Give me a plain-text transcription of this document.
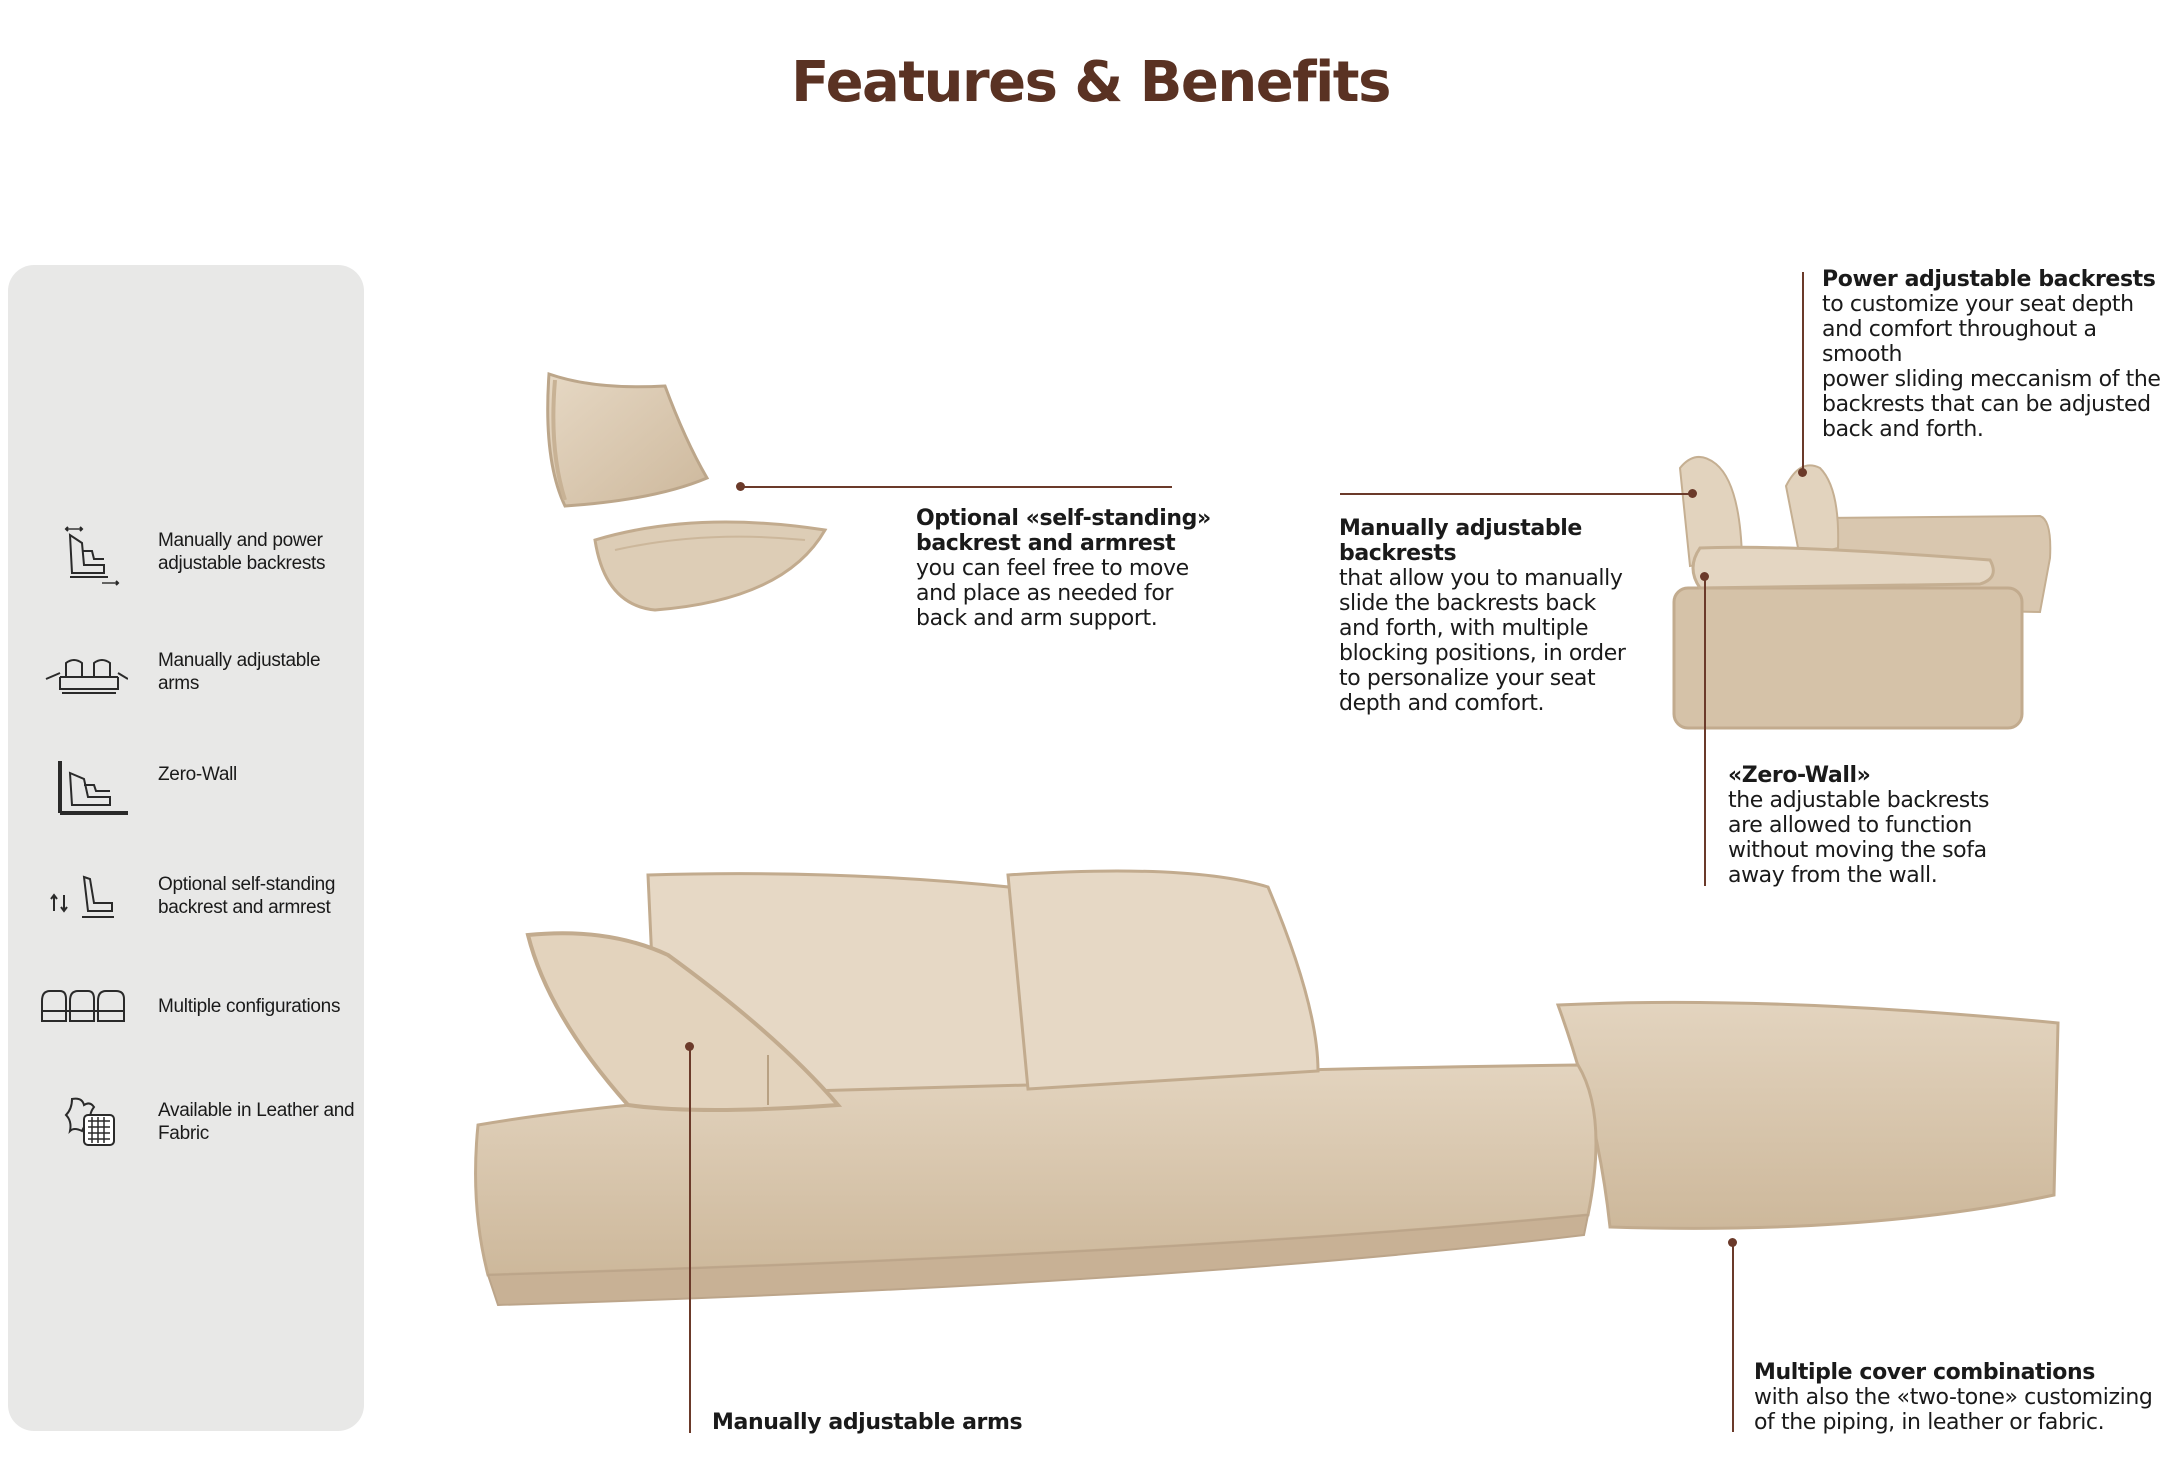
Features & Benefits
Manually and power adjustable backrests
Manually adjustable arms
Zero-Wall
Optional self-standing backrest and armrest
Multiple configurations
Available in Leather and Fabric
Optional «self-standing»
backrest and armrest
you can feel free to move
and place as needed for
back and arm support.
Manually adjustable
backrests
that allow you to manually
slide the backrests back
and forth, with multiple
blocking positions, in order
to personalize your seat
depth and comfort.
Power adjustable backrests
to customize your seat depth
and comfort throughout a smooth
power sliding meccanism of the
backrests that can be adjusted
back and forth.
«Zero-Wall»
the adjustable backrests
are allowed to function
without moving the sofa
away from the wall.
Manually adjustable arms
Multiple cover combinations
with also the «two-tone» customizing
of the piping, in leather or fabric.
